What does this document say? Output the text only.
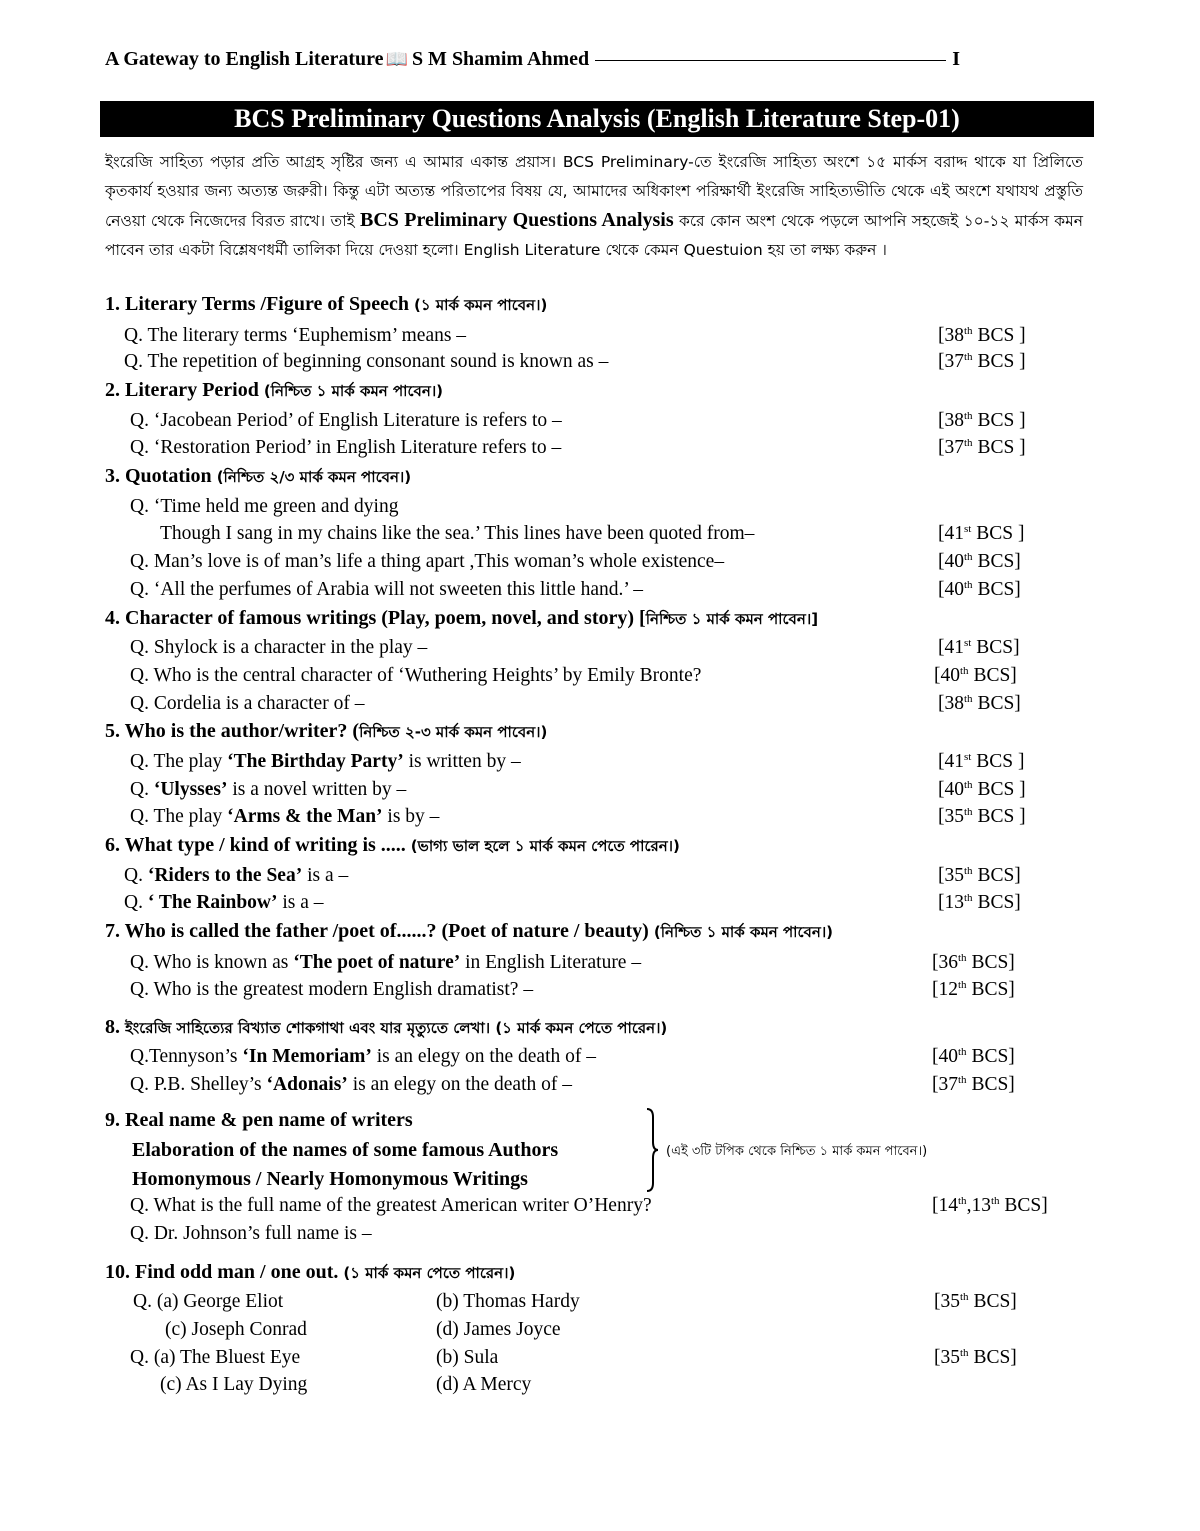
A Gateway to English Literature 📖 S M Shamim Ahmed	I
BCS Preliminary Questions Analysis (English Literature Step-01)
ইংরেজি সাহিত্য পড়ার প্রতি আগ্রহ সৃষ্টির জন্য এ আমার একান্ত প্রয়াস। BCS Preliminary-তে ইংরেজি সাহিত্য অংশে ১৫ মার্কস বরাদ্দ থাকে যা প্রিলিতে কৃতকার্য হওয়ার জন্য অত্যন্ত জরুরী। কিন্তু এটা অত্যন্ত পরিতাপের বিষয় যে, আমাদের অধিকাংশ পরিক্ষার্থী ইংরেজি সাহিত্যভীতি থেকে এই অংশে যথাযথ প্রস্তুতি নেওয়া থেকে নিজেদের বিরত রাখে। তাই BCS Preliminary Questions Analysis করে কোন অংশ থেকে পড়লে আপনি সহজেই ১০-১২ মার্কস কমন পাবেন তার একটা বিশ্লেষণধর্মী তালিকা দিয়ে দেওয়া হলো। English Literature থেকে কেমন Questuion হয় তা লক্ষ্য করুন ।
1. Literary Terms /Figure of Speech (১ মার্ক কমন পাবেন।)
Q. The literary terms ‘Euphemism’ means –	[38th BCS ]
Q. The repetition of beginning consonant sound is known as –	[37th BCS ]
2. Literary Period (নিশ্চিত ১ মার্ক কমন পাবেন।)
Q. ‘Jacobean Period’ of English Literature is refers to –	[38th BCS ]
Q. ‘Restoration Period’ in English Literature refers to –	[37th BCS ]
3. Quotation (নিশ্চিত ২/৩ মার্ক কমন পাবেন।)
Q. ‘Time held me green and dying
Though I sang in my chains like the sea.’ This lines have been quoted from–	[41st BCS ]
Q. Man’s love is of man’s life a thing apart ,This woman’s whole existence–	[40th BCS]
Q. ‘All the perfumes of Arabia will not sweeten this little hand.’ –	[40th BCS]
4. Character of famous writings (Play, poem, novel, and story) [নিশ্চিত ১ মার্ক কমন পাবেন।]
Q. Shylock is a character in the play –	[41st BCS]
Q. Who is the central character of ‘Wuthering Heights’ by Emily Bronte?	[40th BCS]
Q. Cordelia is a character of –	[38th BCS]
5. Who is the author/writer? (নিশ্চিত ২-৩ মার্ক কমন পাবেন।)
Q. The play ‘The Birthday Party’ is written by –	[41st BCS ]
Q. ‘Ulysses’ is a novel written by –	[40th BCS ]
Q. The play ‘Arms & the Man’ is by –	[35th BCS ]
6. What type / kind of writing is ..... (ভাগ্য ভাল হলে ১ মার্ক কমন পেতে পারেন।)
Q. ‘Riders to the Sea’ is a –	[35th BCS]
Q. ‘ The Rainbow’ is a –	[13th BCS]
7. Who is called the father /poet of......? (Poet of nature / beauty) (নিশ্চিত ১ মার্ক কমন পাবেন।)
Q. Who is known as ‘The poet of nature’ in English Literature –	[36th BCS]
Q. Who is the greatest modern English dramatist? –	[12th BCS]
8. ইংরেজি সাহিত্যের বিখ্যাত শোকগাথা এবং যার মৃত্যুতে লেখা। (১ মার্ক কমন পেতে পারেন।)
Q.Tennyson’s ‘In Memoriam’ is an elegy on the death of –	[40th BCS]
Q. P.B. Shelley’s ‘Adonais’ is an elegy on the death of –	[37th BCS]
9. Real name & pen name of writers
Elaboration of the names of some famous Authors
Homonymous / Nearly Homonymous Writings
(এই ৩টি টপিক থেকে নিশ্চিত ১ মার্ক কমন পাবেন।)
Q. What is the full name of the greatest American writer O’Henry?	[14th,13th BCS]
Q. Dr. Johnson’s full name is –
10. Find odd man / one out. (১ মার্ক কমন পেতে পারেন।)
Q. (a) George Eliot	(b) Thomas Hardy	[35th BCS]
(c) Joseph Conrad	(d) James Joyce
Q. (a) The Bluest Eye	(b) Sula	[35th BCS]
(c) As I Lay Dying	(d) A Mercy
